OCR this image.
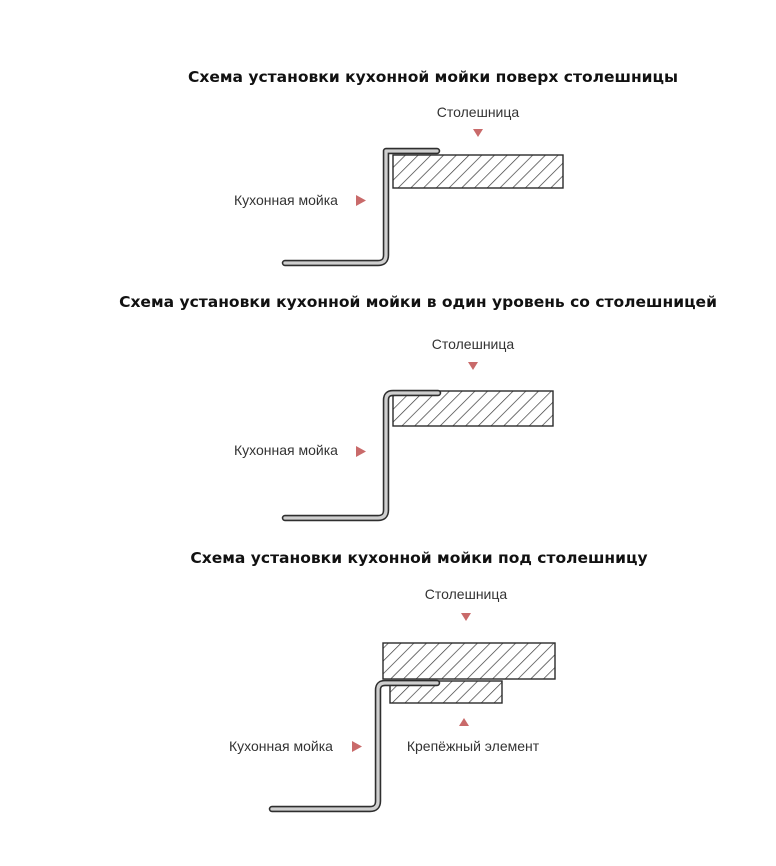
Схема установки кухонной мойки поверх столешницы
Столешница
Кухонная мойка
Схема установки кухонной мойки в один уровень со столешницей
Столешница
Кухонная мойка
Схема установки кухонной мойки под столешницу
Столешница
Кухонная мойка	Крепёжный элемент
